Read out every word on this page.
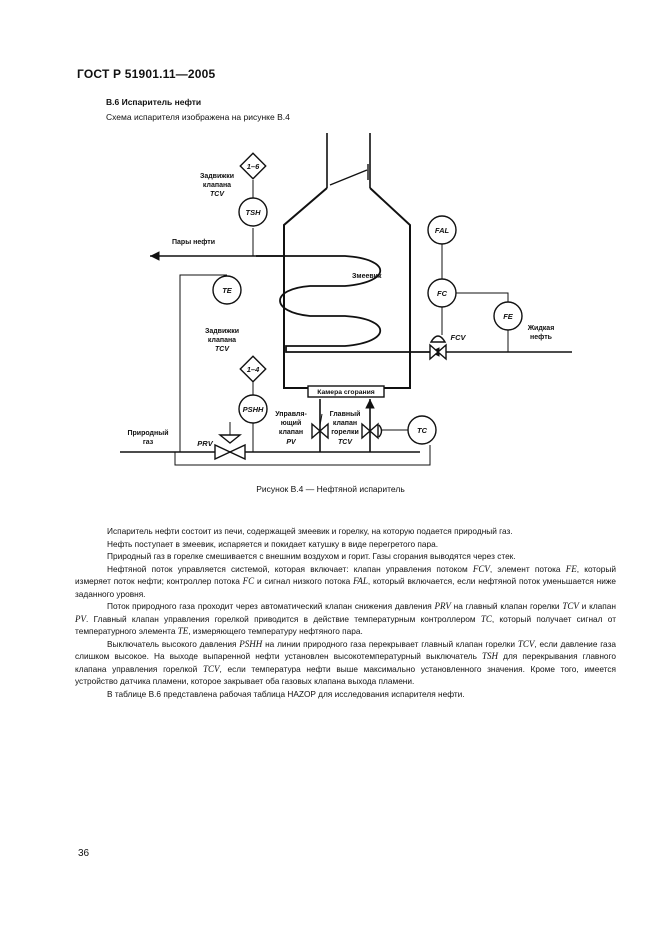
ГОСТ Р 51901.11—2005
В.6 Испаритель нефти
Схема испарителя изображена на рисунке В.4
1–6
TSH
TE
1–4
PSHH
FAL
FC
FE
TC
PRV
FCV
Задвижки
клапана
TCV
Задвижки
клапана
TCV
Природный
газ
Управля-
ющий
клапан
PV
Главный
клапан
горелки
TCV
Жидкая
нефть
Камера сгорания
Пары нефти
Змеевик
Рисунок В.4 — Нефтяной испаритель

Испаритель нефти состоит из печи, содержащей змеевик и горелку, на которую подается природный газ.

Нефть поступает в змеевик, испаряется и покидает катушку в виде перегретого пара.

Природный газ в горелке смешивается с внешним воздухом и горит. Газы сгорания выводятся через стек.

Нефтяной поток управляется системой, которая включает: клапан управления потоком FCV, элемент потока FE, который измеряет поток нефти; контроллер потока FC и сигнал низкого потока FAL, который включается, если нефтяной поток уменьшается ниже заданного уровня.

Поток природного газа проходит через автоматический клапан снижения давления PRV на главный клапан горелки TCV и клапан PV. Главный клапан управления горелкой приводится в действие температурным контроллером TC, который получает сигнал от температурного элемента TE, измеряющего температуру нефтяного пара.

Выключатель высокого давления PSHH на линии природного газа перекрывает главный клапан горелки TCV, если давление газа слишком высокое. На выходе выпаренной нефти установлен высокотемпературный выключатель TSH для перекрывания главного клапана управления горелкой TCV, если температура нефти выше максимально установленного значения. Кроме того, имеется устройство датчика пламени, которое закрывает оба газовых клапана выхода пламени.

В таблице В.6 представлена рабочая таблица HAZOP для исследования испарителя нефти.

36
